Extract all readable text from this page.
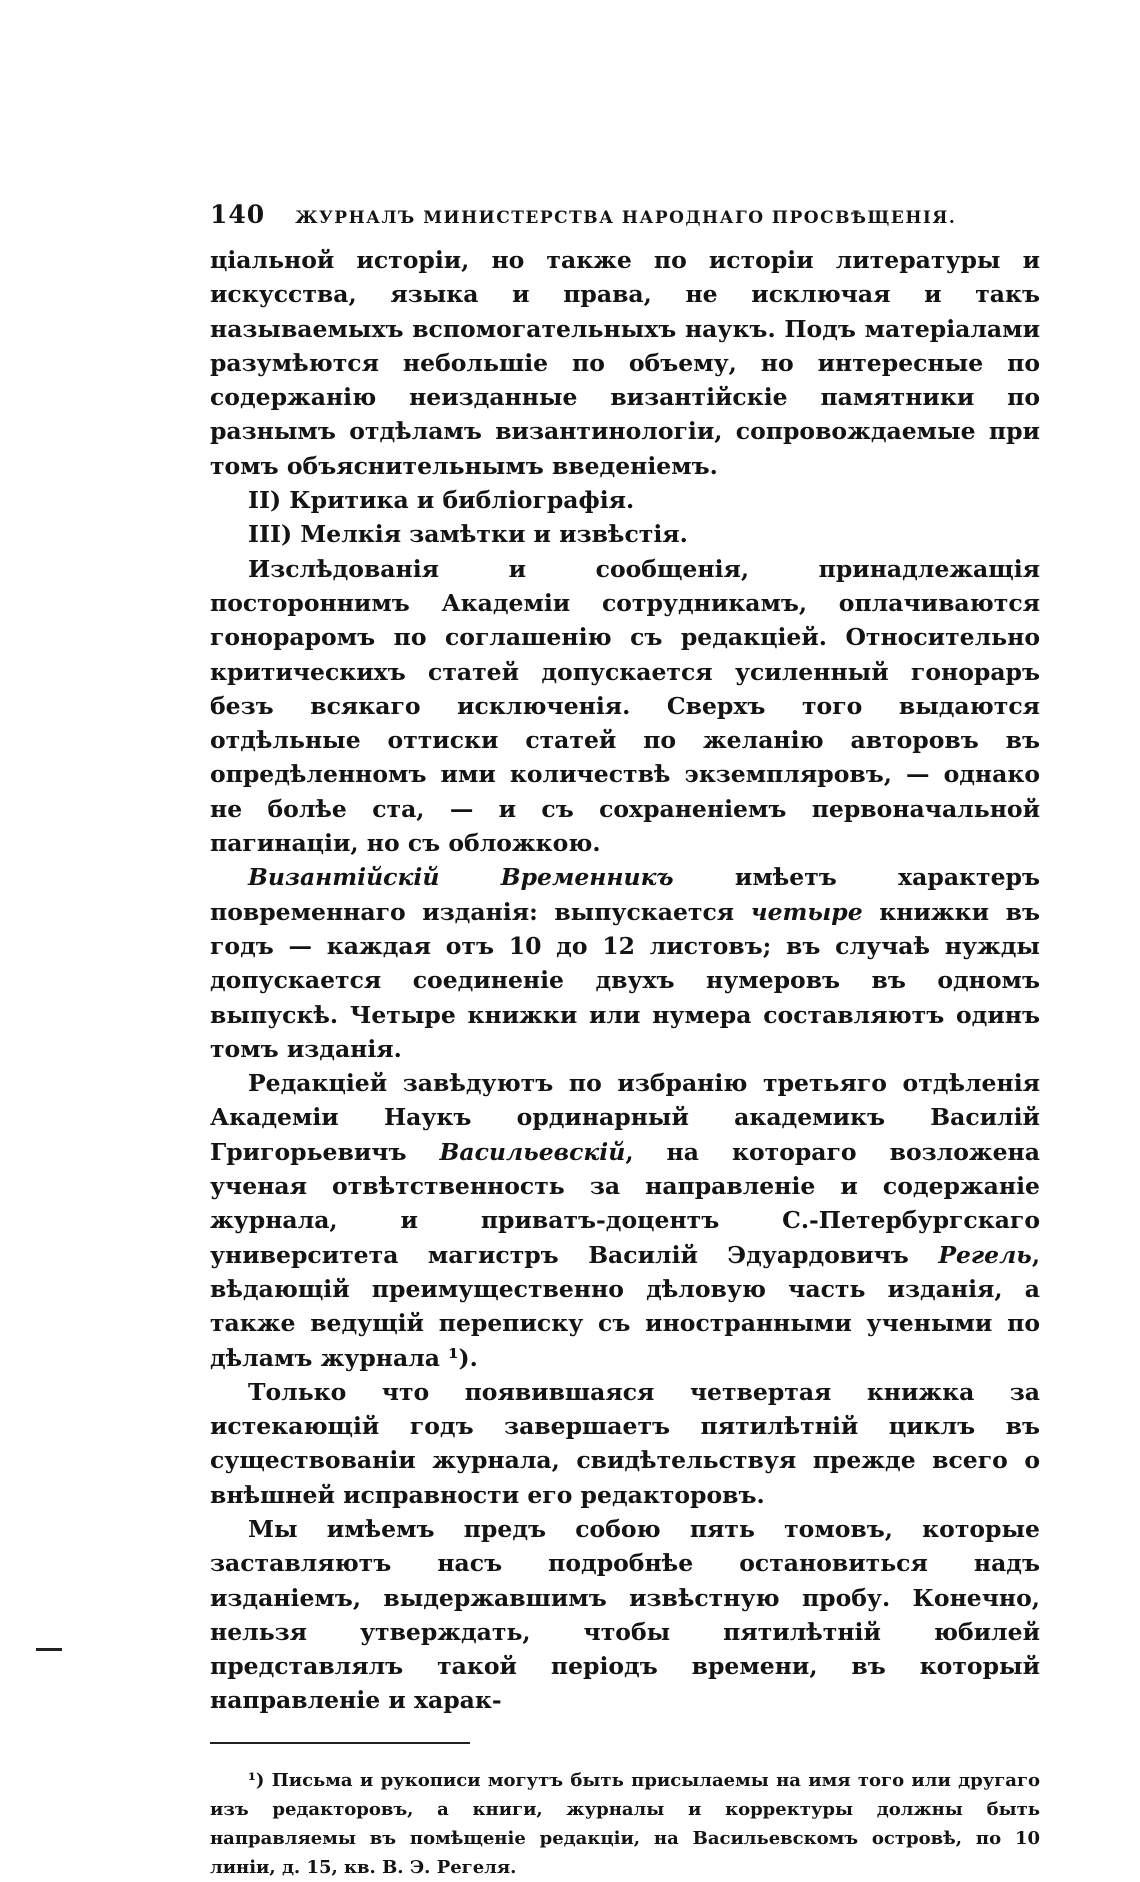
140 ЖУРНАЛЪ МИНИСТЕРСТВА НАРОДНАГО ПРОСВѢЩЕНІЯ.

ціальной исторіи, но также по исторіи литературы и искусства, языка и права, не исключая и такъ называемыхъ вспомогательныхъ наукъ. Подъ матеріалами разумѣются небольшіе по объему, но интересные по содержанію неизданные византійскіе памятники по разнымъ отдѣламъ византинологіи, сопровождаемые при томъ объяснительнымъ введеніемъ.

II) Критика и библіографія.

III) Мелкія замѣтки и извѣстія.

Изслѣдованія и сообщенія, принадлежащія постороннимъ Академіи сотрудникамъ, оплачиваются гонораромъ по соглашенію съ редакціей. Относительно критическихъ статей допускается усиленный гонораръ безъ всякаго исключенія. Сверхъ того выдаются отдѣльные оттиски статей по желанію авторовъ въ опредѣленномъ ими количествѣ экземпляровъ, — однако не болѣе ста, — и съ сохраненіемъ первоначальной пагинаціи, но съ обложкою.

Византійскій Временникъ имѣетъ характеръ повременнаго изданія: выпускается четыре книжки въ годъ — каждая отъ 10 до 12 листовъ; въ случаѣ нужды допускается соединеніе двухъ нумеровъ въ одномъ выпускѣ. Четыре книжки или нумера составляютъ одинъ томъ изданія.

Редакціей завѣдуютъ по избранію третьяго отдѣленія Академіи Наукъ ординарный академикъ Василій Григорьевичъ Васильевскій, на котораго возложена ученая отвѣтственность за направленіе и содержаніе журнала, и приватъ-доцентъ С.-Петербургскаго университета магистръ Василій Эдуардовичъ Регель, вѣдающій преимущественно дѣловую часть изданія, а также ведущій переписку съ иностранными учеными по дѣламъ журнала ¹).

Только что появившаяся четвертая книжка за истекающій годъ завершаетъ пятилѣтній циклъ въ существованіи журнала, свидѣтельствуя прежде всего о внѣшней исправности его редакторовъ.

Мы имѣемъ предъ собою пять томовъ, которые заставляютъ насъ подробнѣе остановиться надъ изданіемъ, выдержавшимъ извѣстную пробу. Конечно, нельзя утверждать, чтобы пятилѣтній юбилей представлялъ такой періодъ времени, въ который направленіе и харак-

¹) Письма и рукописи могутъ быть присылаемы на имя того или другаго изъ редакторовъ, а книги, журналы и корректуры должны быть направляемы въ помѣщеніе редакціи, на Васильевскомъ островѣ, по 10 линіи, д. 15, кв. В. Э. Регеля.
